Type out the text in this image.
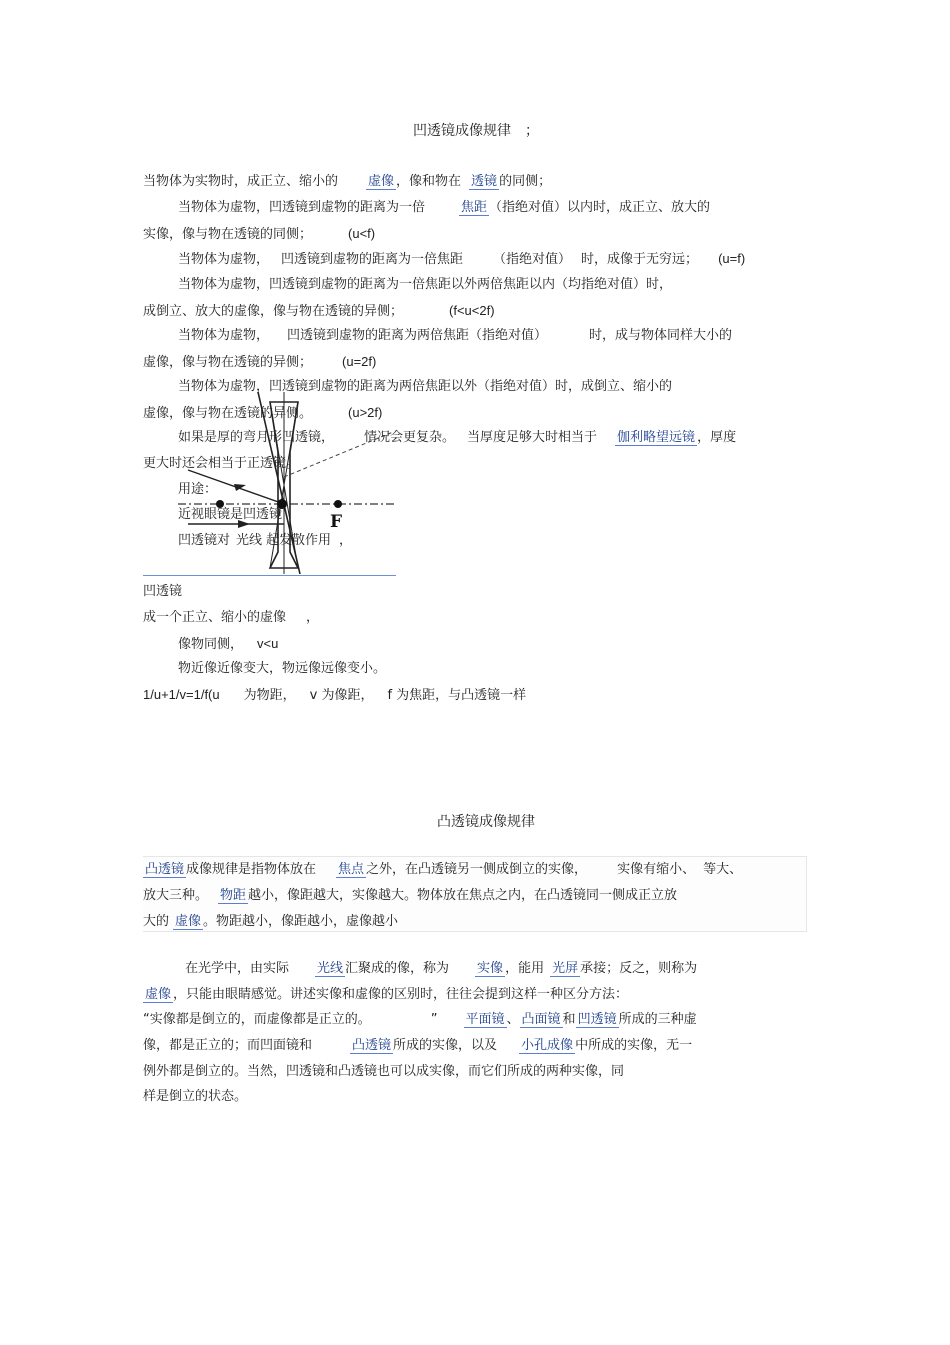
凹透镜成像规律 ；
当物体为实物时，成正立、缩小的 虚像 ，像和物在 透镜 的同侧；
当物体为虚物，凹透镜到虚物的距离为一倍	焦距 （指绝对值）以内时，成正立、放大的
实像，像与物在透镜的同侧；	(u<f)
当物体为虚物， 凹透镜到虚物的距离为一倍焦距 （指绝对值） 时，成像于无穷远； (u=f)
当物体为虚物，凹透镜到虚物的距离为一倍焦距以外两倍焦距以内（均指绝对值）时，
成倒立、放大的虚像，像与物在透镜的异侧；	(f<u<2f)
当物体为虚物， 凹透镜到虚物的距离为两倍焦距（指绝对值）	时，成与物体同样大小的
虚像，像与物在透镜的异侧； (u=2f)
当物体为虚物，凹透镜到虚物的距离为两倍焦距以外（指绝对值）时，成倒立、缩小的
虚像，像与物在透镜的异侧。	(u>2f)
F
如果是厚的弯月形凹透镜， 情况会更复杂。 当厚度足够大时相当于 伽利略望远镜 ，厚度
更大时还会相当于正透镜。
用途：
近视眼镜是凹透镜
凹透镜对 光线 起发散作用 ，
凹透镜
成一个正立、缩小的虚像 ，
像物同侧， v<u
物近像近像变大，物远像远像变小。
1/u+1/v=1/f(u 为物距， v 为像距， f 为焦距，与凸透镜一样
凸透镜成像规律
凸透镜 成像规律是指物体放在 焦点 之外，在凸透镜另一侧成倒立的实像， 实像有缩小、 等大、
放大三种。 物距 越小，像距越大，实像越大。物体放在焦点之内，在凸透镜同一侧成正立放
大的 虚像 。物距越小，像距越小，虚像越小
在光学中，由实际 光线 汇聚成的像，称为 实像 ，能用 光屏 承接；反之，则称为
虚像 ，只能由眼睛感觉。讲述实像和虚像的区别时，往往会提到这样一种区分方法：
“实像都是倒立的，而虚像都是正立的。	” 平面镜 、 凸面镜 和 凹透镜 所成的三种虚
像，都是正立的；而凹面镜和	凸透镜 所成的实像，以及 小孔成像 中所成的实像，无一
例外都是倒立的。当然，凹透镜和凸透镜也可以成实像，而它们所成的两种实像，同
样是倒立的状态。
